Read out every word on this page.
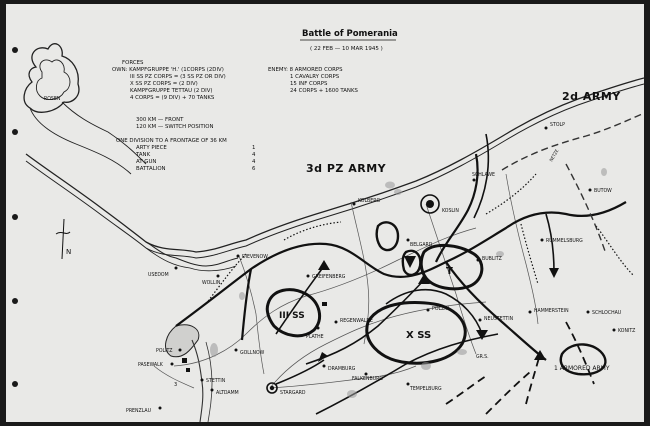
N
Battle of Pomerania
( 22 FEB — 10 MAR 1945 )
FORCES
OWN: KAMPFGRUPPE 'H.' (1CORPS (2DIV)
III SS PZ CORPS = (3 SS PZ OR DIV)
X SS PZ CORPS = (2 DIV)
KAMPFGRUPPE TETTAU (2 DIV)
4 CORPS = (9 DIV) + 70 TANKS
ENEMY: 8 ARMORED CORPS
1 CAVALRY CORPS
15 INF CORPS
24 CORPS + 1600 TANKS
300 KM — FRONT
120 KM — SWITCH POSITION
ONE DIVISION TO A FRONTAGE OF 36 KM
ARTY PIECE	1
TANK	4
AT GUN	4
BATTALION	6
2d ARMY
3d PZ ARMY
1 ARMORED ARMY
III SS
X SS
T
ROSEN
STOLP
SCHLAWE
BUTOW
KOLBERG
KOSLIN
BELGARD
RUMMELSBURG
DIEVENOW
USEDOM
WOLLIN
GREIFENBERG
BUBLITZ
POLZIN
NEUSTETTIN
HAMMERSTEIN	SCHLOCHAU
KONITZ
REGENWALDE
PLATHE
GOLLNOW
POLITZ
PASEWALK
STETTIN
ALTDAMM	STARGARD
DRAMBURG
FALKENBURG
TEMPELBURG
PRENZLAU
GR.S.
NETZE
3
